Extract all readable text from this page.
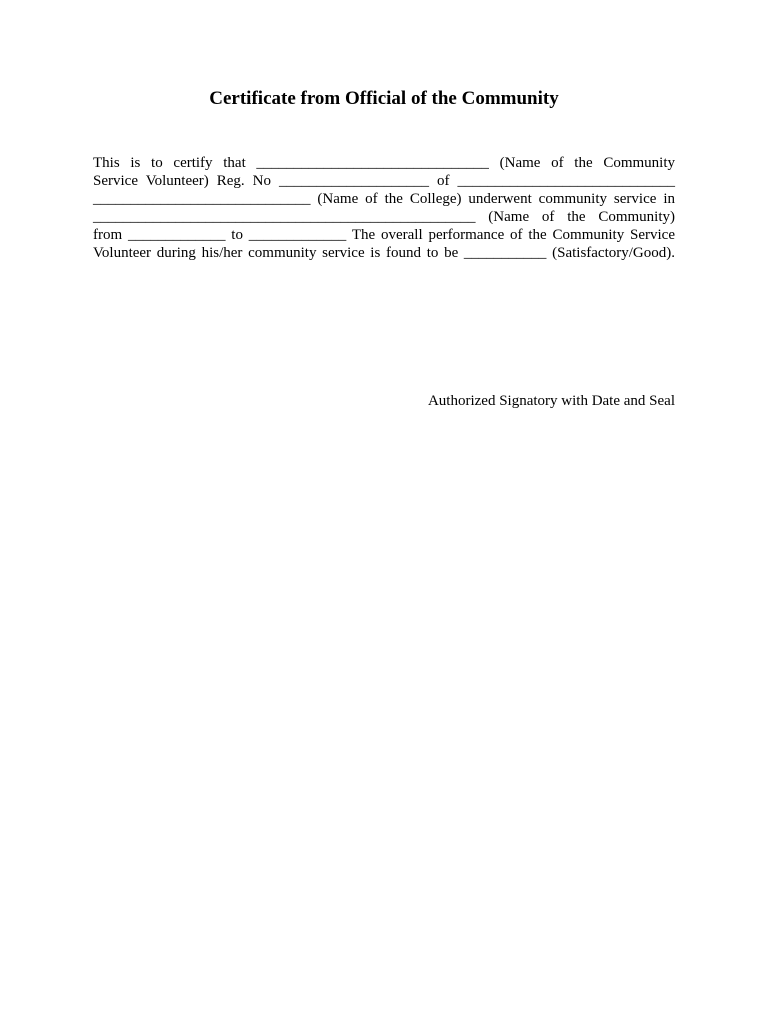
Certificate from Official of the Community
This is to certify that _______________________________ (Name of the Community
Service Volunteer) Reg. No ____________________ of _____________________________
_____________________________ (Name of the College) underwent community service in
___________________________________________________ (Name of the Community)
from _____________ to _____________ The overall performance of the Community Service
Volunteer during his/her community service is found to be ___________ (Satisfactory/Good).

Authorized Signatory with Date and Seal
